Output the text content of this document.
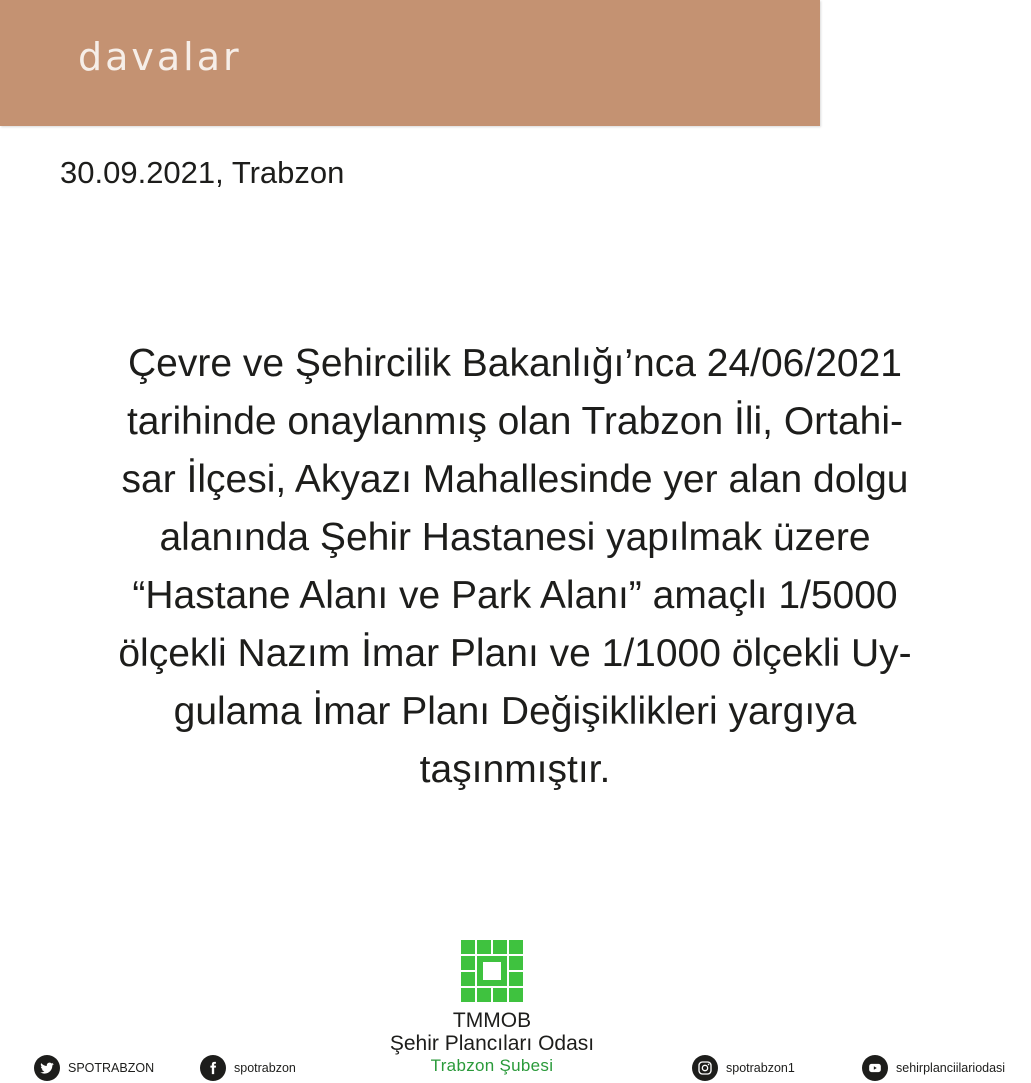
davalar
30.09.2021, Trabzon
Çevre ve Şehircilik Bakanlığı’nca 24/06/2021
tarihinde onaylanmış olan Trabzon İli, Ortahi-
sar İlçesi, Akyazı Mahallesinde yer alan dolgu
alanında Şehir Hastanesi yapılmak üzere
“Hastane Alanı ve Park Alanı” amaçlı 1/5000
ölçekli Nazım İmar Planı ve 1/1000 ölçekli Uy-
gulama İmar Planı Değişiklikleri yargıya
taşınmıştır.
TMMOB
Şehir Plancıları Odası
Trabzon Şubesi
SPOTRABZON	spotrabzon	spotrabzon1	sehirplanciilariodasi
